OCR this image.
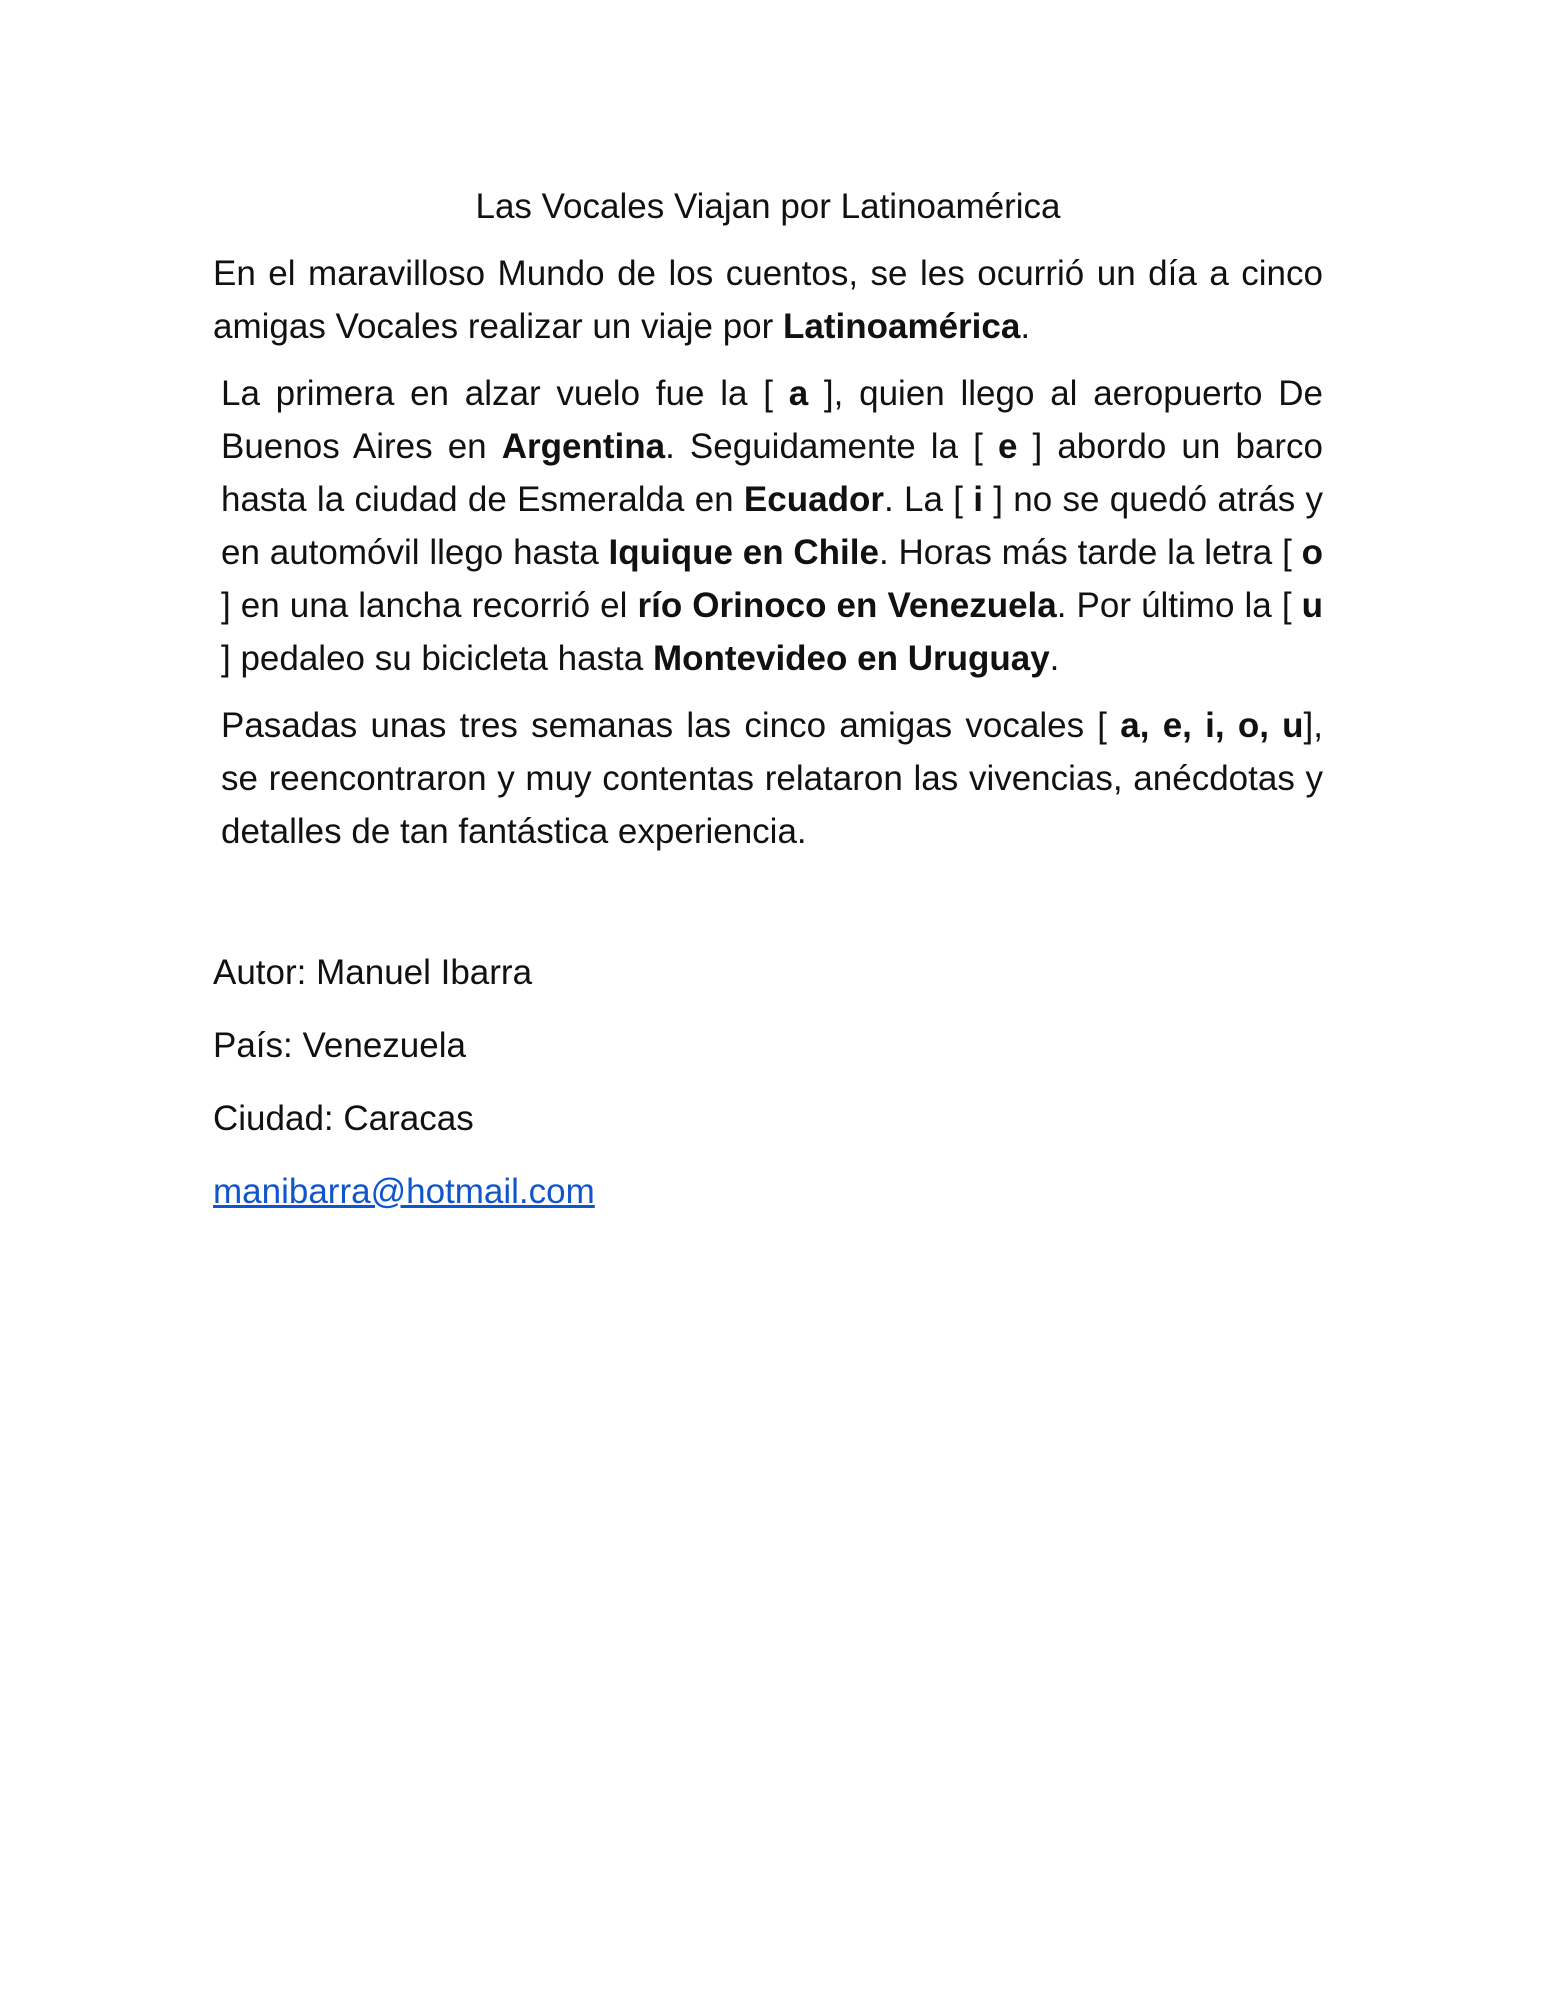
Las Vocales Viajan por Latinoamérica

En el maravilloso Mundo de los cuentos, se les ocurrió un día a cinco amigas Vocales realizar un viaje por Latinoamérica.

La primera en alzar vuelo fue la [ a ], quien llego al aeropuerto De Buenos Aires en Argentina. Seguidamente la [ e ] abordo un barco hasta la ciudad de Esmeralda en Ecuador. La [ i ] no se quedó atrás y en automóvil llego hasta Iquique en Chile. Horas más tarde la letra [ o ] en una lancha recorrió el río Orinoco en Venezuela. Por último la [ u ] pedaleo su bicicleta hasta Montevideo en Uruguay.

Pasadas unas tres semanas las cinco amigas vocales [ a, e, i, o, u], se reencontraron y muy contentas relataron las vivencias, anécdotas y detalles de tan fantástica experiencia.

Autor: Manuel Ibarra

País: Venezuela

Ciudad: Caracas

manibarra@hotmail.com
